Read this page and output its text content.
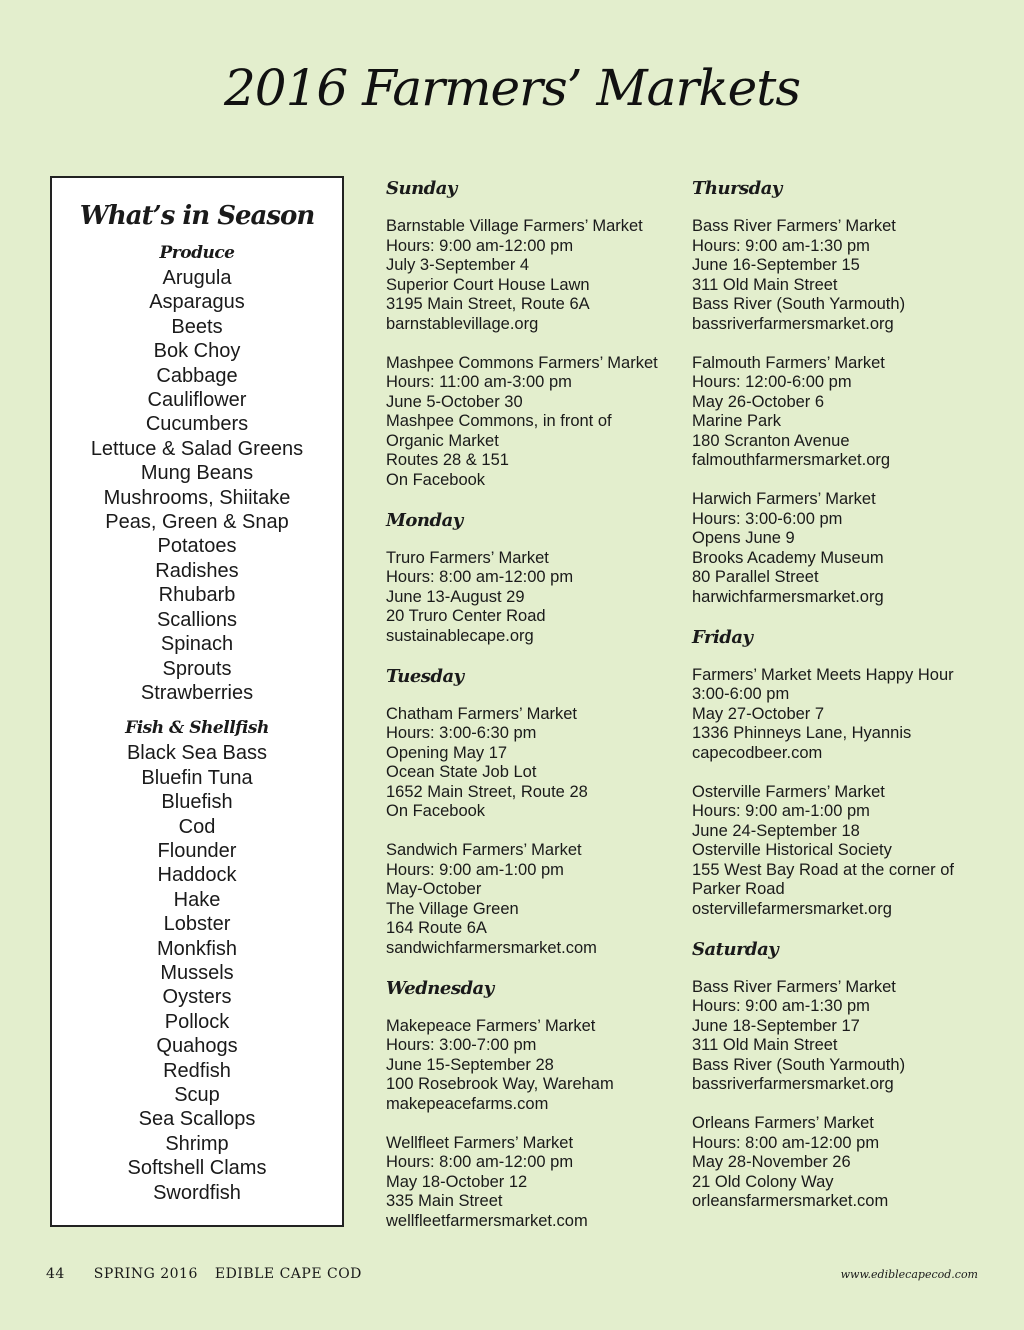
2016 Farmers’ Markets
What’s in Season
Produce
Arugula
Asparagus
Beets
Bok Choy
Cabbage
Cauliflower
Cucumbers
Lettuce & Salad Greens
Mung Beans
Mushrooms, Shiitake
Peas, Green & Snap
Potatoes
Radishes
Rhubarb
Scallions
Spinach
Sprouts
Strawberries
Fish & Shellfish
Black Sea Bass
Bluefin Tuna
Bluefish
Cod
Flounder
Haddock
Hake
Lobster
Monkfish
Mussels
Oysters
Pollock
Quahogs
Redfish
Scup
Sea Scallops
Shrimp
Softshell Clams
Swordfish
Sunday
Barnstable Village Farmers’ Market
Hours: 9:00 am-12:00 pm
July 3-September 4
Superior Court House Lawn
3195 Main Street, Route 6A
barnstablevillage.org
Mashpee Commons Farmers’ Market
Hours: 11:00 am-3:00 pm
June 5-October 30
Mashpee Commons, in front of
Organic Market
Routes 28 & 151
On Facebook
Monday
Truro Farmers’ Market
Hours: 8:00 am-12:00 pm
June 13-August 29
20 Truro Center Road
sustainablecape.org
Tuesday
Chatham Farmers’ Market
Hours: 3:00-6:30 pm
Opening May 17
Ocean State Job Lot
1652 Main Street, Route 28
On Facebook
Sandwich Farmers’ Market
Hours: 9:00 am-1:00 pm
May-October
The Village Green
164 Route 6A
sandwichfarmersmarket.com
Wednesday
Makepeace Farmers’ Market
Hours: 3:00-7:00 pm
June 15-September 28
100 Rosebrook Way, Wareham
makepeacefarms.com
Wellfleet Farmers’ Market
Hours: 8:00 am-12:00 pm
May 18-October 12
335 Main Street
wellfleetfarmersmarket.com
Thursday
Bass River Farmers’ Market
Hours: 9:00 am-1:30 pm
June 16-September 15
311 Old Main Street
Bass River (South Yarmouth)
bassriverfarmersmarket.org
Falmouth Farmers’ Market
Hours: 12:00-6:00 pm
May 26-October 6
Marine Park
180 Scranton Avenue
falmouthfarmersmarket.org
Harwich Farmers’ Market
Hours: 3:00-6:00 pm
Opens June 9
Brooks Academy Museum
80 Parallel Street
harwichfarmersmarket.org
Friday
Farmers’ Market Meets Happy Hour
3:00-6:00 pm
May 27-October 7
1336 Phinneys Lane, Hyannis
capecodbeer.com
Osterville Farmers’ Market
Hours: 9:00 am-1:00 pm
June 24-September 18
Osterville Historical Society
155 West Bay Road at the corner of
Parker Road
ostervillefarmersmarket.org
Saturday
Bass River Farmers’ Market
Hours: 9:00 am-1:30 pm
June 18-September 17
311 Old Main Street
Bass River (South Yarmouth)
bassriverfarmersmarket.org
Orleans Farmers’ Market
Hours: 8:00 am-12:00 pm
May 28-November 26
21 Old Colony Way
orleansfarmersmarket.com
44 SPRING 2016 EDIBLE CAPE COD	www.ediblecapecod.com
